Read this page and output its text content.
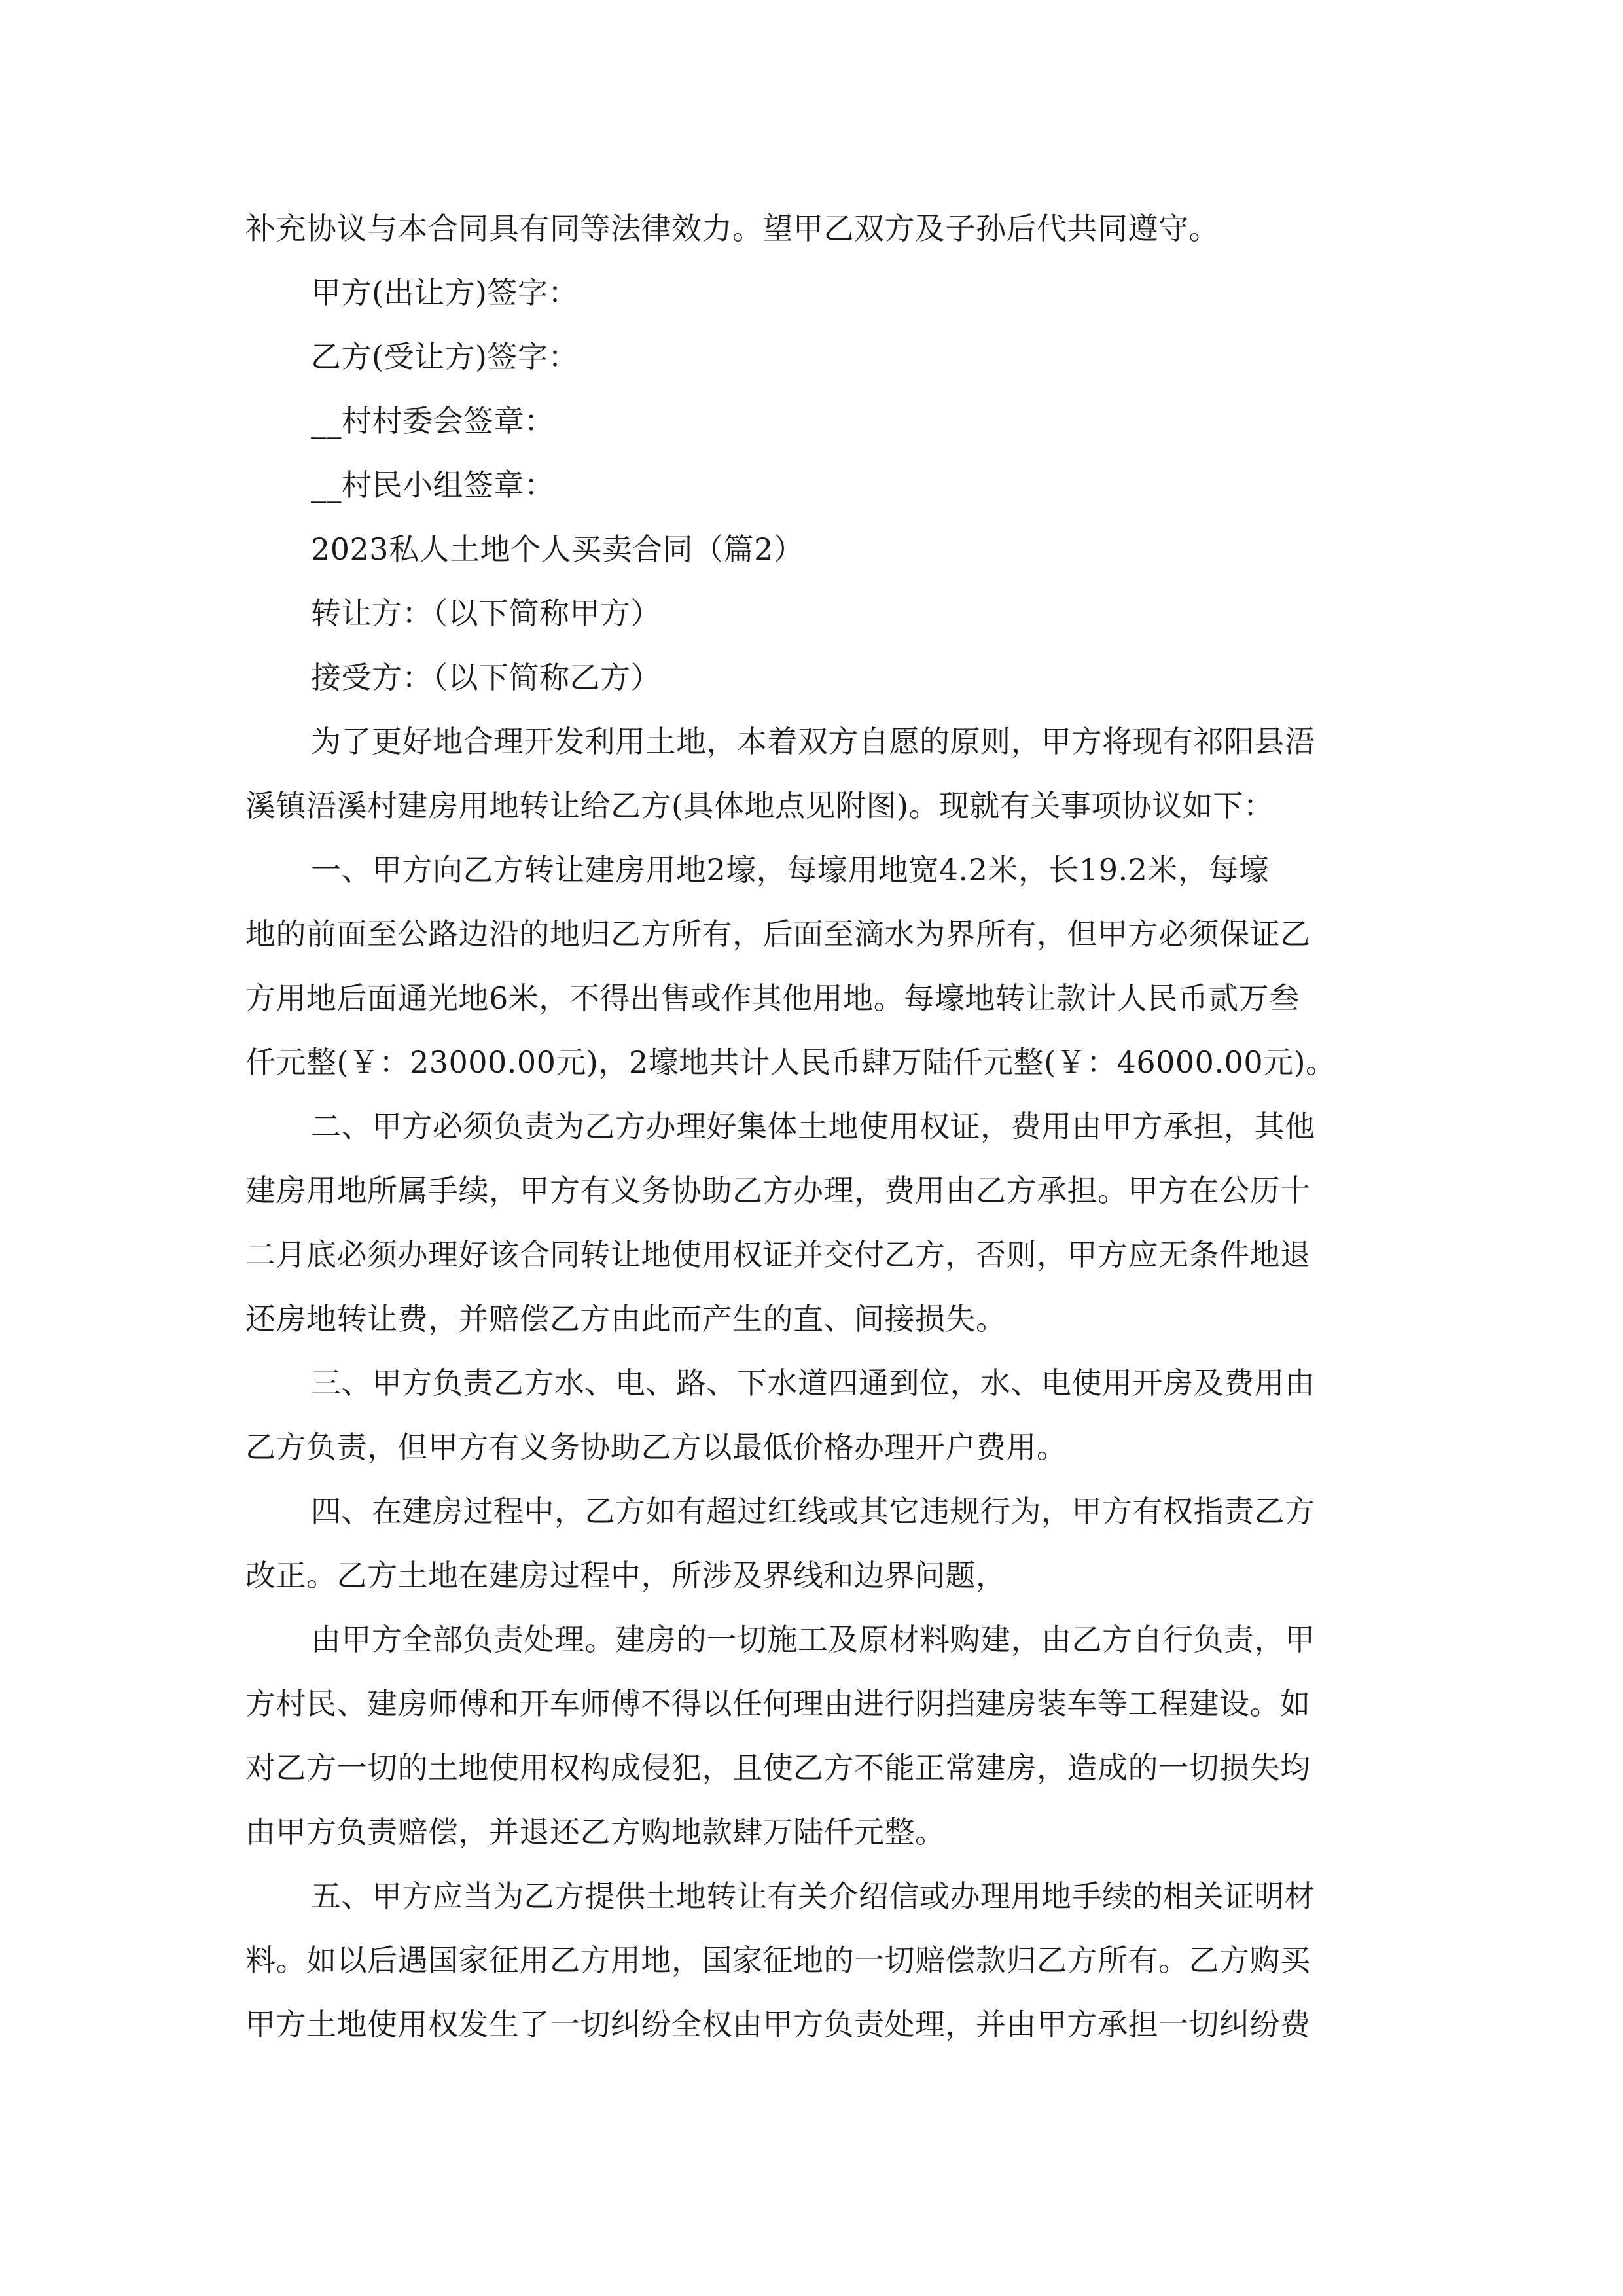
补充协议与本合同具有同等法律效力。望甲乙双方及子孙后代共同遵守。

甲方(出让方)签字：

乙方(受让方)签字：

__村村委会签章：

__村民小组签章：

2023私人土地个人买卖合同（篇2）

转让方：（以下简称甲方）

接受方：（以下简称乙方）

为了更好地合理开发利用土地，本着双方自愿的原则，甲方将现有祁阳县浯

溪镇浯溪村建房用地转让给乙方(具体地点见附图)。现就有关事项协议如下：

一、甲方向乙方转让建房用地2壕，每壕用地宽4.2米，长19.2米，每壕

地的前面至公路边沿的地归乙方所有，后面至滴水为界所有，但甲方必须保证乙

方用地后面通光地6米，不得出售或作其他用地。每壕地转让款计人民币贰万叁

仟元整(￥：23000.00元)，2壕地共计人民币肆万陆仟元整(￥：46000.00元)。

二、甲方必须负责为乙方办理好集体土地使用权证，费用由甲方承担，其他

建房用地所属手续，甲方有义务协助乙方办理，费用由乙方承担。甲方在公历十

二月底必须办理好该合同转让地使用权证并交付乙方，否则，甲方应无条件地退

还房地转让费，并赔偿乙方由此而产生的直、间接损失。

三、甲方负责乙方水、电、路、下水道四通到位，水、电使用开房及费用由

乙方负责，但甲方有义务协助乙方以最低价格办理开户费用。

四、在建房过程中，乙方如有超过红线或其它违规行为，甲方有权指责乙方

改正。乙方土地在建房过程中，所涉及界线和边界问题，

由甲方全部负责处理。建房的一切施工及原材料购建，由乙方自行负责，甲

方村民、建房师傅和开车师傅不得以任何理由进行阴挡建房装车等工程建设。如

对乙方一切的土地使用权构成侵犯，且使乙方不能正常建房，造成的一切损失均

由甲方负责赔偿，并退还乙方购地款肆万陆仟元整。

五、甲方应当为乙方提供土地转让有关介绍信或办理用地手续的相关证明材

料。如以后遇国家征用乙方用地，国家征地的一切赔偿款归乙方所有。乙方购买

甲方土地使用权发生了一切纠纷全权由甲方负责处理，并由甲方承担一切纠纷费
